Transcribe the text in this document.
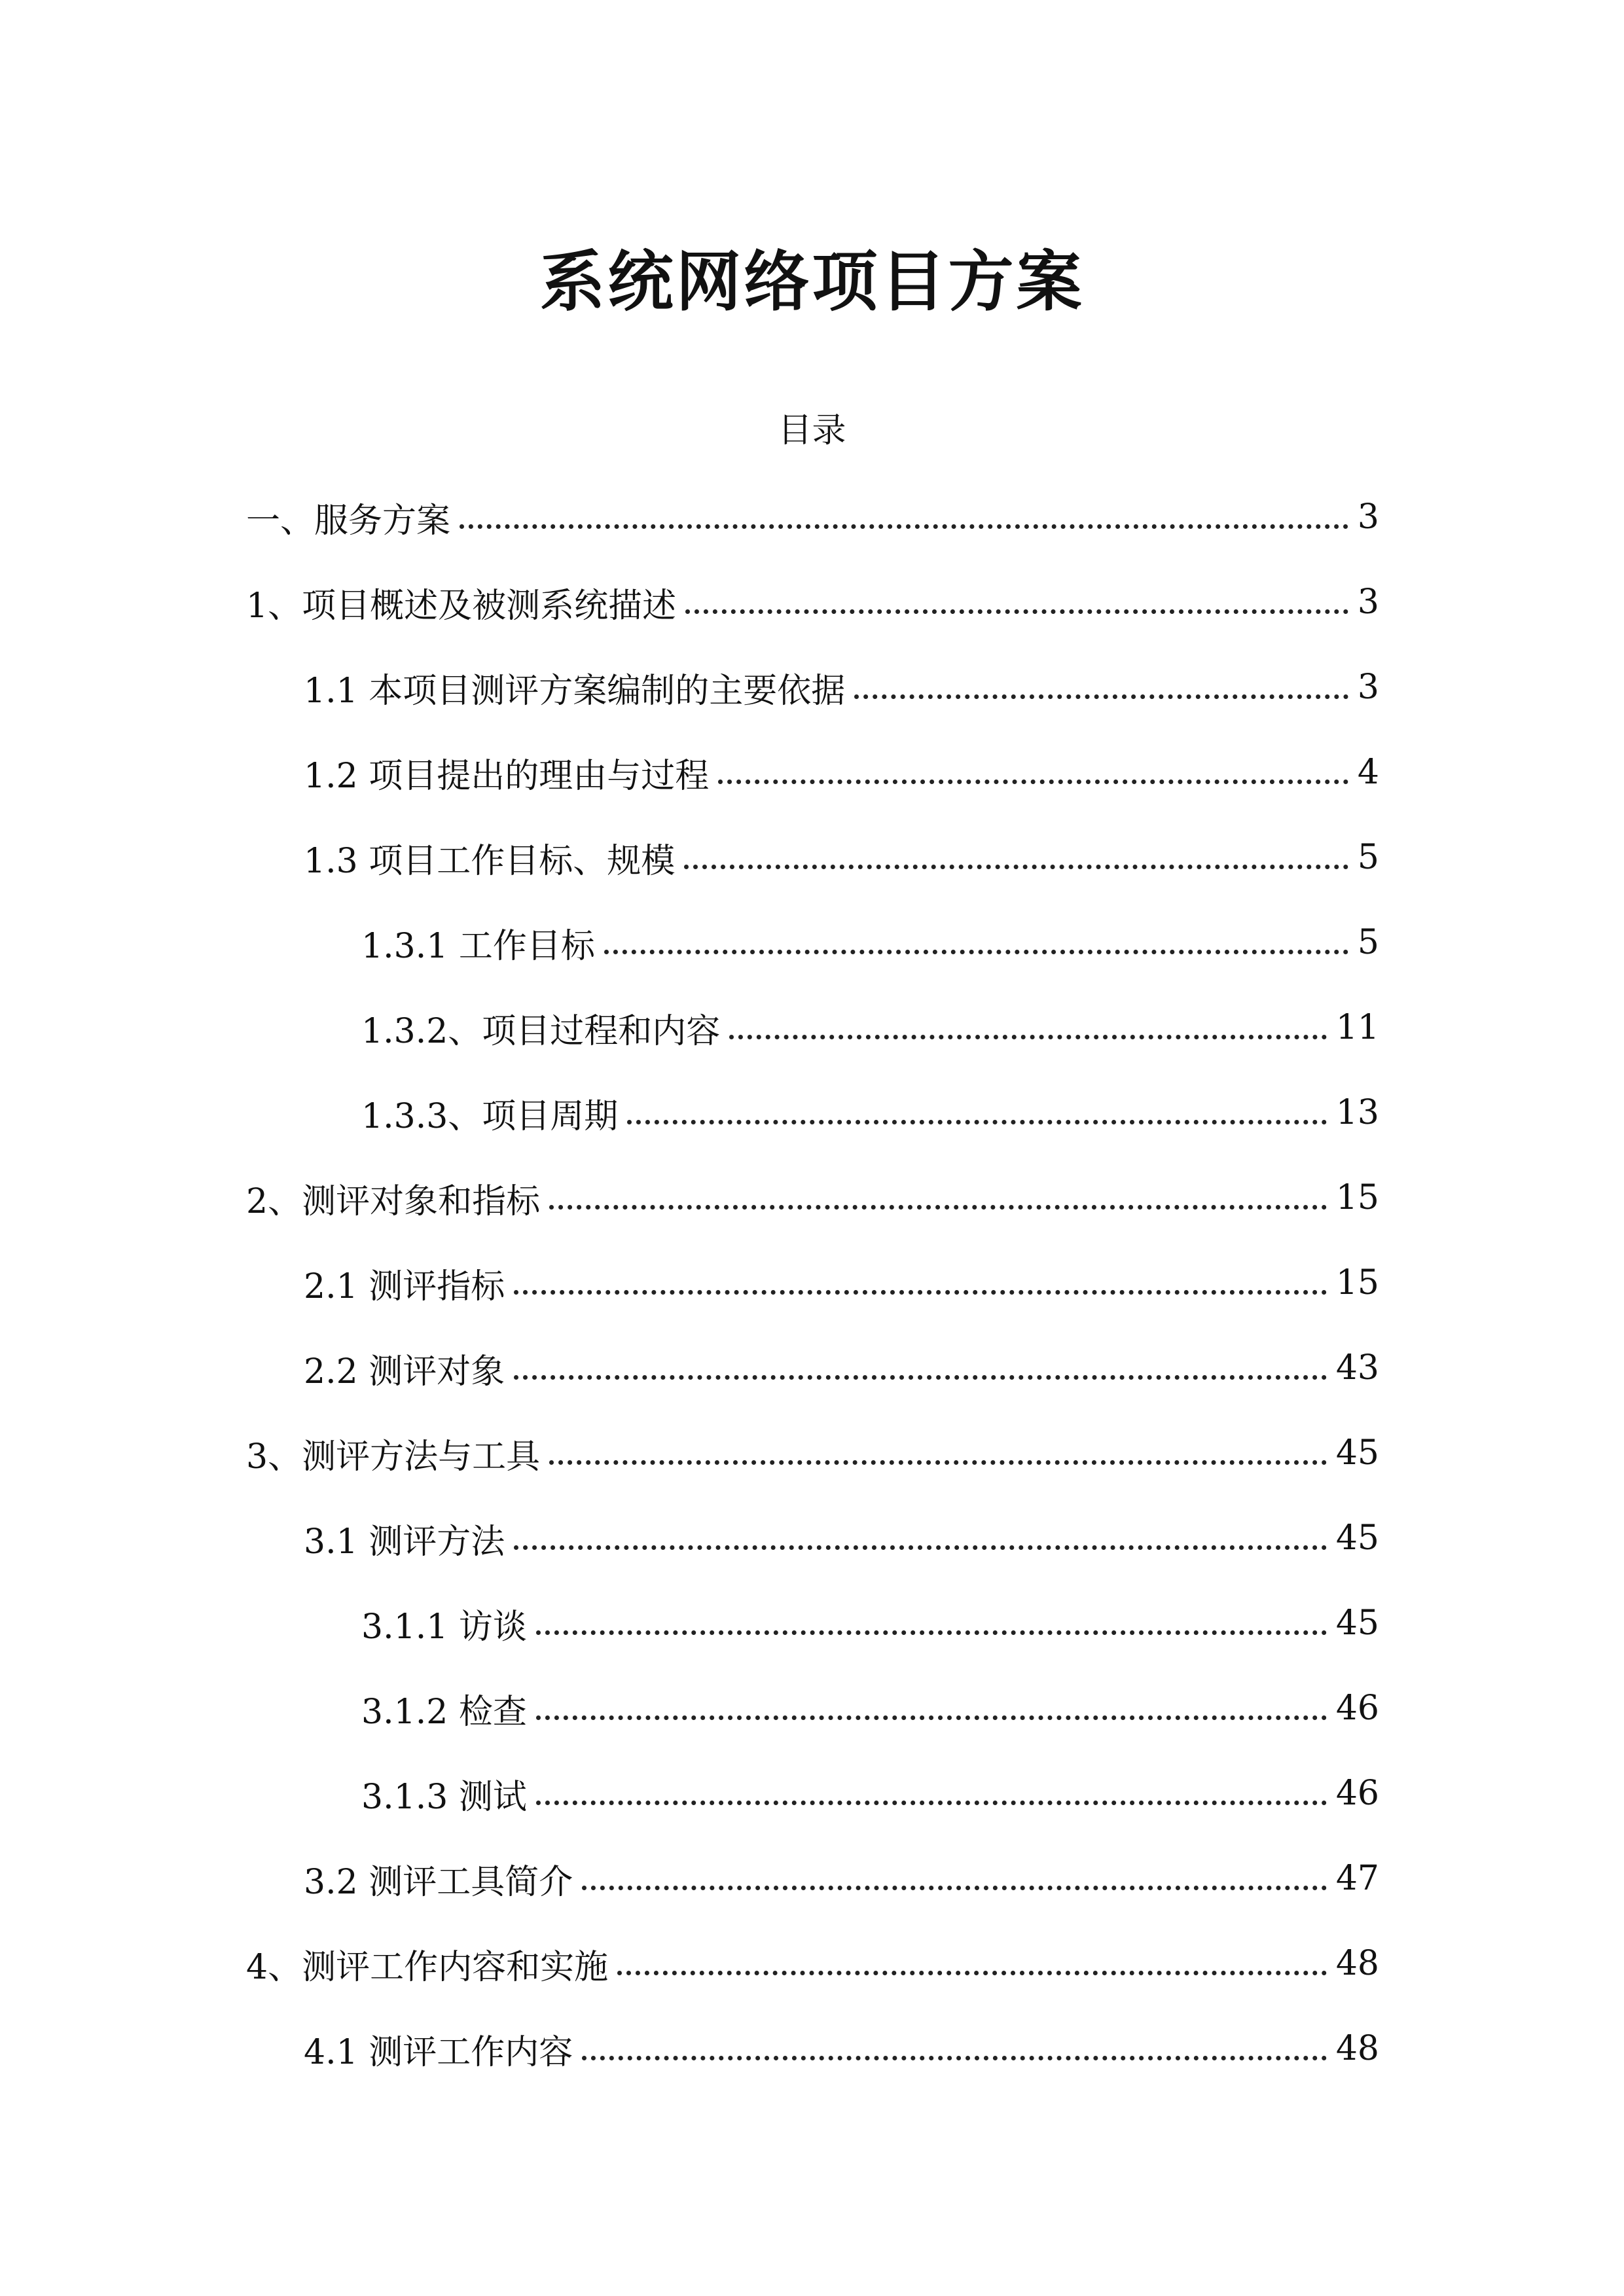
系统网络项目方案
目录
一、服务方案	3
1、项目概述及被测系统描述	3
1.1 本项目测评方案编制的主要依据	3
1.2 项目提出的理由与过程	4
1.3 项目工作目标、规模	5
1.3.1 工作目标	5
1.3.2、项目过程和内容	11
1.3.3、项目周期	13
2、测评对象和指标	15
2.1 测评指标	15
2.2 测评对象	43
3、测评方法与工具	45
3.1 测评方法	45
3.1.1 访谈	45
3.1.2 检查	46
3.1.3 测试	46
3.2 测评工具简介	47
4、测评工作内容和实施	48
4.1 测评工作内容	48
